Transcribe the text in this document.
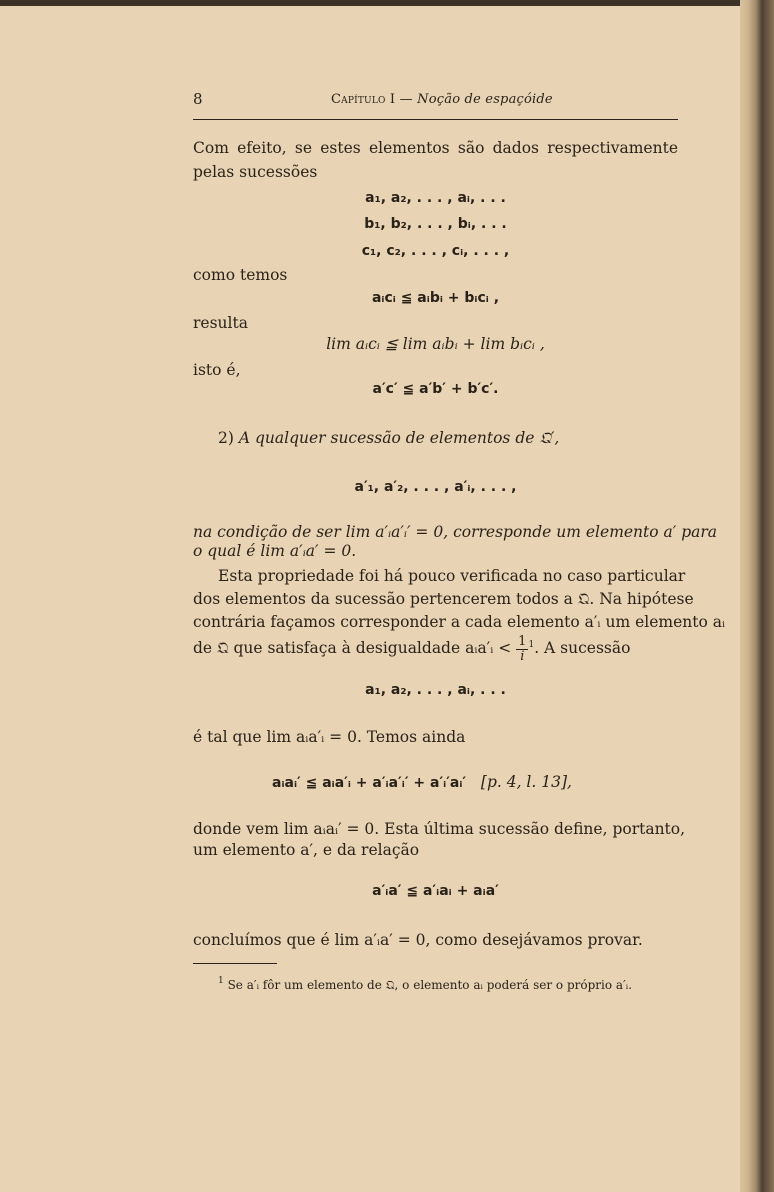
8	Capítulo I — Noção de espaçóide
Com efeito, se estes elementos são dados respectivamente pelas sucessões
a₁, a₂, . . . , aᵢ, . . .
b₁, b₂, . . . , bᵢ, . . .
c₁, c₂, . . . , cᵢ, . . . ,
como temos
aᵢcᵢ ≦ aᵢbᵢ + bᵢcᵢ ,
resulta
lim aᵢcᵢ ≦ lim aᵢbᵢ + lim bᵢcᵢ ,
isto é,
a′c′ ≦ a′b′ + b′c′.
2) A qualquer sucessão de elementos de 𝔔′,
a′₁, a′₂, . . . , a′ᵢ, . . . ,
na condição de ser lim a′ᵢa′ᵢ′ = 0, corresponde um elemento a′ para
o qual é lim a′ᵢa′ = 0.
Esta propriedade foi há pouco verificada no caso particular
dos elementos da sucessão pertencerem todos a 𝔔. Na hipótese
contrária façamos corresponder a cada elemento a′ᵢ um elemento aᵢ
de 𝔔 que satisfaça à desigualdade aᵢa′ᵢ < $\frac{1}{i} ^1$. A sucessão
a₁, a₂, . . . , aᵢ, . . .
é tal que lim aᵢa′ᵢ = 0. Temos ainda
aᵢaᵢ′ ≦ aᵢa′ᵢ + a′ᵢa′ᵢ′ + a′ᵢ′aᵢ′ [p. 4, l. 13],
donde vem lim aᵢaᵢ′ = 0. Esta última sucessão define, portanto,
um elemento a′, e da relação
a′ᵢa′ ≦ a′ᵢaᵢ + aᵢa′
concluímos que é lim a′ᵢa′ = 0, como desejávamos provar.
$^1$ Se a′ᵢ fôr um elemento de 𝔔, o elemento aᵢ poderá ser o próprio a′ᵢ.
